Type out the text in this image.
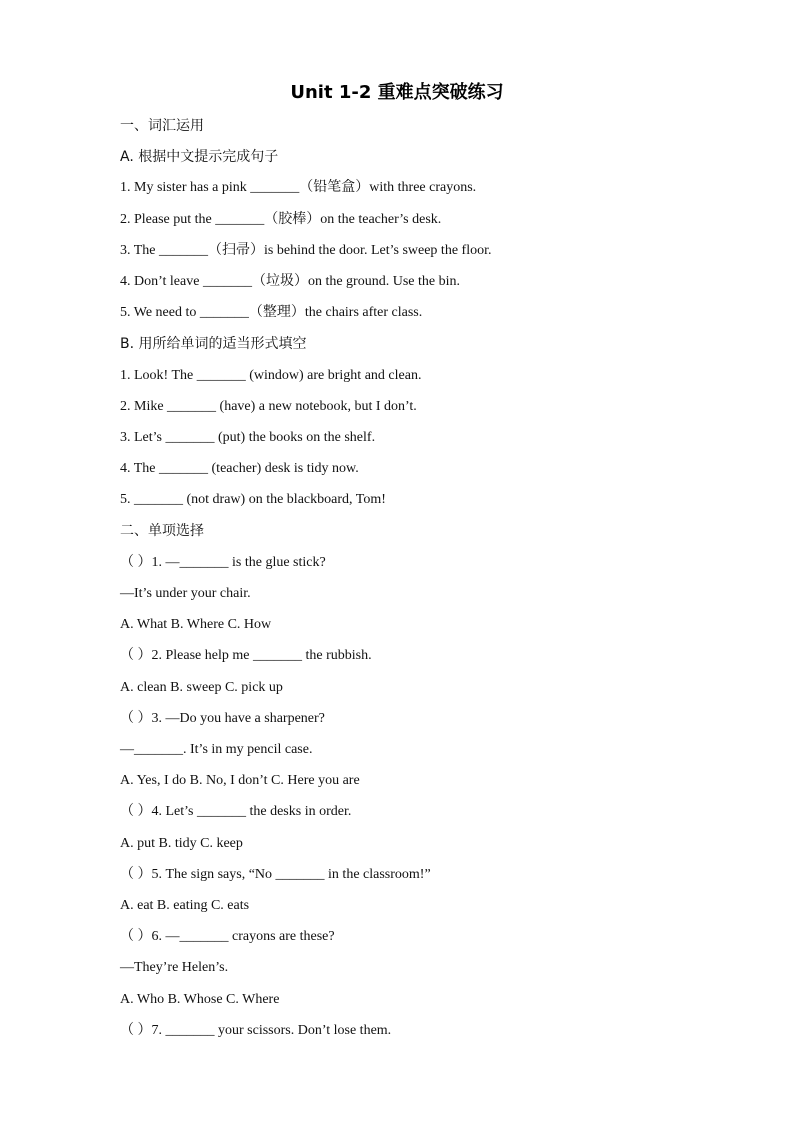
Unit 1-2 重难点突破练习
一、词汇运用
A. 根据中文提示完成句子
1. My sister has a pink _______（铅笔盒）with three crayons.
2. Please put the _______（胶棒）on the teacher’s desk.
3. The _______（扫帚）is behind the door. Let’s sweep the floor.
4. Don’t leave _______（垃圾）on the ground. Use the bin.
5. We need to _______（整理）the chairs after class.
B. 用所给单词的适当形式填空
1. Look! The _______ (window) are bright and clean.
2. Mike _______ (have) a new notebook, but I don’t.
3. Let’s _______ (put) the books on the shelf.
4. The _______ (teacher) desk is tidy now.
5. _______ (not draw) on the blackboard, Tom!
二、单项选择
（ ）1. —_______ is the glue stick?
—It’s under your chair.
A. What B. Where C. How
（ ）2. Please help me _______ the rubbish.
A. clean B. sweep C. pick up
（ ）3. —Do you have a sharpener?
—_______. It’s in my pencil case.
A. Yes, I do B. No, I don’t C. Here you are
（ ）4. Let’s _______ the desks in order.
A. put B. tidy C. keep
（ ）5. The sign says, “No _______ in the classroom!”
A. eat B. eating C. eats
（ ）6. —_______ crayons are these?
—They’re Helen’s.
A. Who B. Whose C. Where
（ ）7. _______ your scissors. Don’t lose them.
